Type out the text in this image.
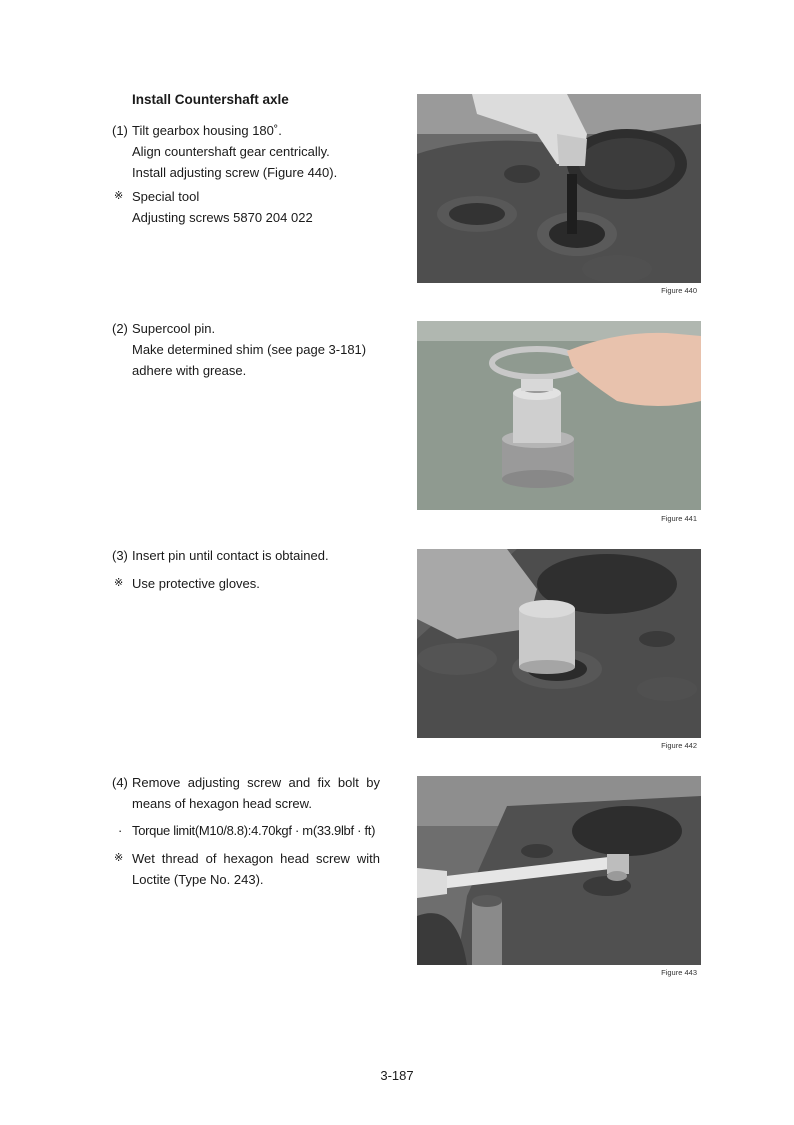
Install Countershaft axle
(1) Tilt gearbox housing 180˚.
Align countershaft gear centrically.
Install adjusting screw (Figure 440).
※ Special tool
Adjusting screws 5870 204 022
Figure 440
(2) Supercool pin.
Make determined shim (see page 3-181)
adhere with grease.
Figure 441
(3) Insert pin until contact is obtained.
※ Use protective gloves.
Figure 442
(4) Remove adjusting screw and fix bolt by
means of hexagon head screw.
· Torque limit(M10/8.8):4.70kgf · m(33.9lbf · ft)
※ Wet thread of hexagon head screw with
Loctite (Type No. 243).
Figure 443
3-187
